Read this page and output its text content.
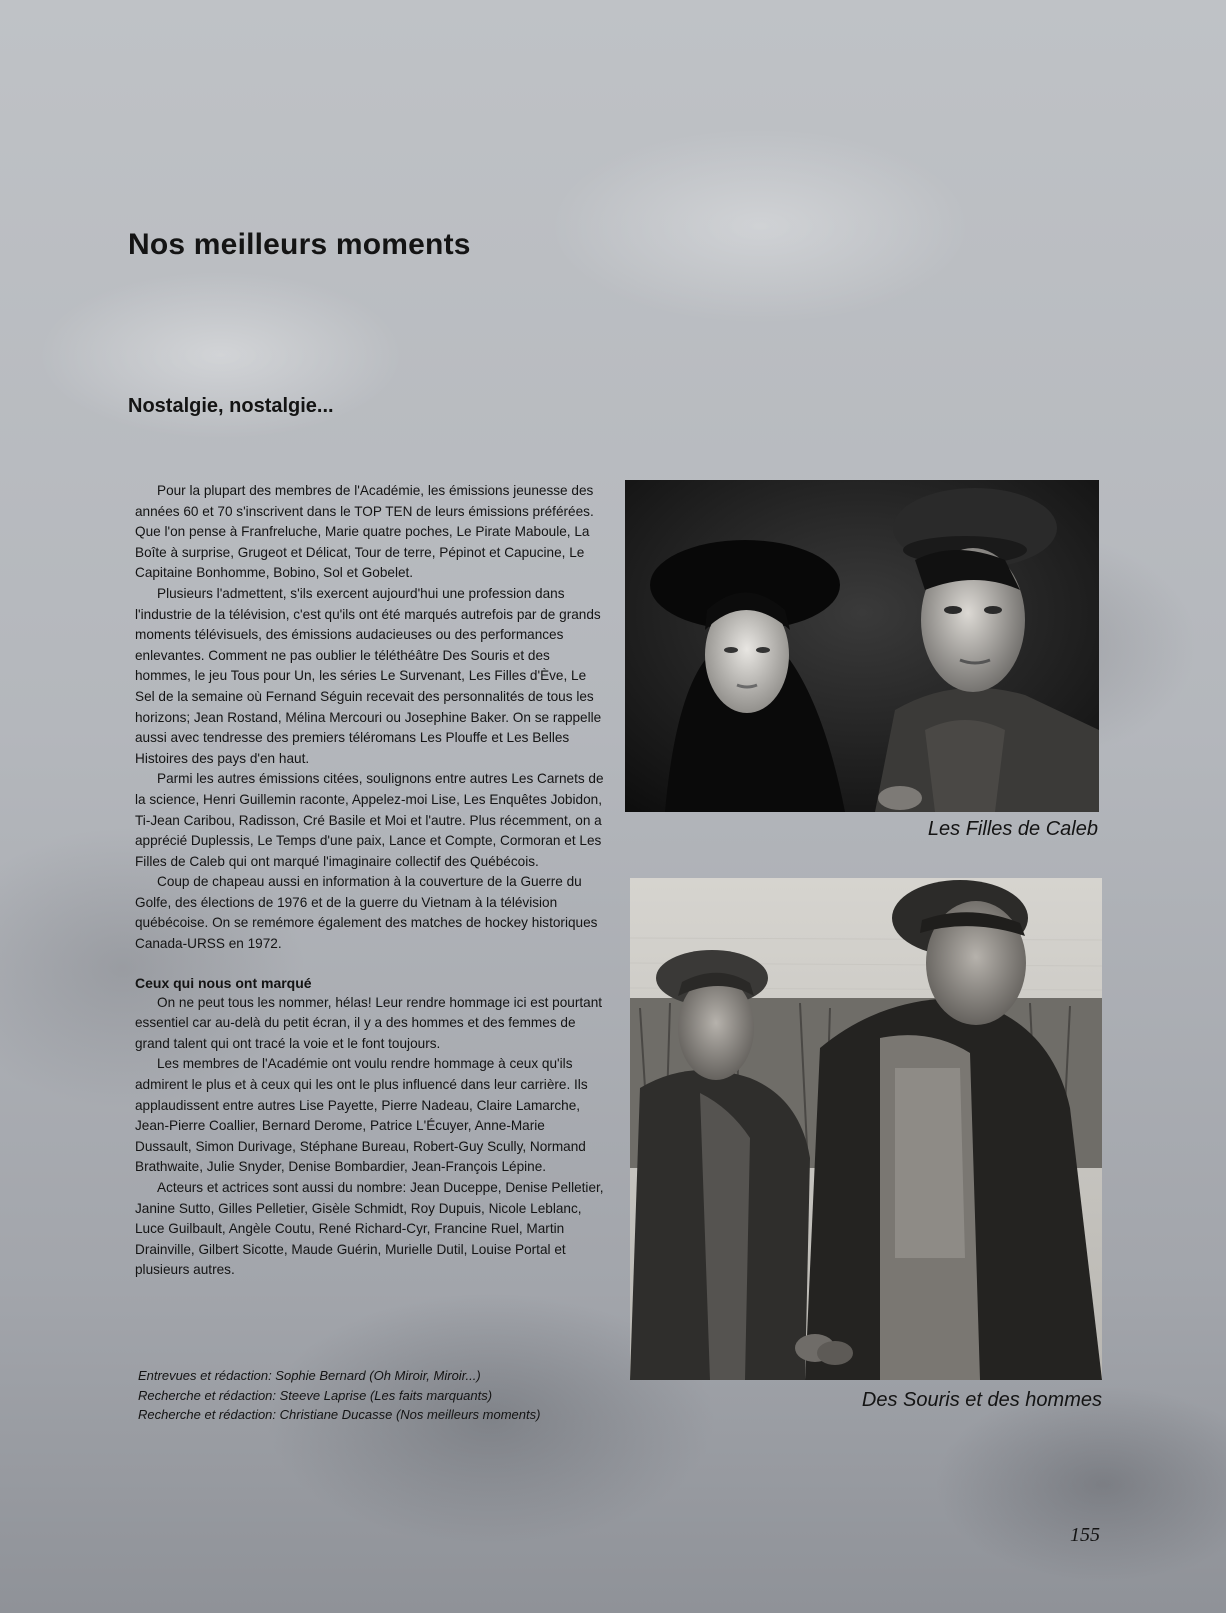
Nos meilleurs moments
Nostalgie, nostalgie...

Pour la plupart des membres de l'Académie, les émissions jeunesse des années 60 et 70 s'inscrivent dans le TOP TEN de leurs émissions préférées. Que l'on pense à Franfreluche, Marie quatre poches, Le Pirate Maboule, La Boîte à surprise, Grugeot et Délicat, Tour de terre, Pépinot et Capucine, Le Capitaine Bonhomme, Bobino, Sol et Gobelet.

Plusieurs l'admettent, s'ils exercent aujourd'hui une profession dans l'industrie de la télévision, c'est qu'ils ont été marqués autrefois par de grands moments télévisuels, des émissions audacieuses ou des performances enlevantes. Comment ne pas oublier le téléthéâtre Des Souris et des hommes, le jeu Tous pour Un, les séries Le Survenant, Les Filles d'Ève, Le Sel de la semaine où Fernand Séguin recevait des personnalités de tous les horizons; Jean Rostand, Mélina Mercouri ou Josephine Baker. On se rappelle aussi avec tendresse des premiers téléromans Les Plouffe et Les Belles Histoires des pays d'en haut.

Parmi les autres émissions citées, soulignons entre autres Les Carnets de la science, Henri Guillemin raconte, Appelez-moi Lise, Les Enquêtes Jobidon, Ti-Jean Caribou, Radisson, Cré Basile et Moi et l'autre. Plus récemment, on a apprécié Duplessis, Le Temps d'une paix, Lance et Compte, Cormoran et Les Filles de Caleb qui ont marqué l'imaginaire collectif des Québécois.

Coup de chapeau aussi en information à la couverture de la Guerre du Golfe, des élections de 1976 et de la guerre du Vietnam à la télévision québécoise. On se remémore également des matches de hockey historiques Canada-URSS en 1972.

Ceux qui nous ont marqué

On ne peut tous les nommer, hélas! Leur rendre hommage ici est pourtant essentiel car au-delà du petit écran, il y a des hommes et des femmes de grand talent qui ont tracé la voie et le font toujours.

Les membres de l'Académie ont voulu rendre hommage à ceux qu'ils admirent le plus et à ceux qui les ont le plus influencé dans leur carrière. Ils applaudissent entre autres Lise Payette, Pierre Nadeau, Claire Lamarche, Jean-Pierre Coallier, Bernard Derome, Patrice L'Écuyer, Anne-Marie Dussault, Simon Durivage, Stéphane Bureau, Robert-Guy Scully, Normand Brathwaite, Julie Snyder, Denise Bombardier, Jean-François Lépine.

Acteurs et actrices sont aussi du nombre: Jean Duceppe, Denise Pelletier, Janine Sutto, Gilles Pelletier, Gisèle Schmidt, Roy Dupuis, Nicole Leblanc, Luce Guilbault, Angèle Coutu, René Richard-Cyr, Francine Ruel, Martin Drainville, Gilbert Sicotte, Maude Guérin, Murielle Dutil, Louise Portal et plusieurs autres.

Entrevues et rédaction: Sophie Bernard (Oh Miroir, Miroir...)
Recherche et rédaction: Steeve Laprise (Les faits marquants)
Recherche et rédaction: Christiane Ducasse (Nos meilleurs moments)
Les Filles de Caleb
Des Souris et des hommes
155
